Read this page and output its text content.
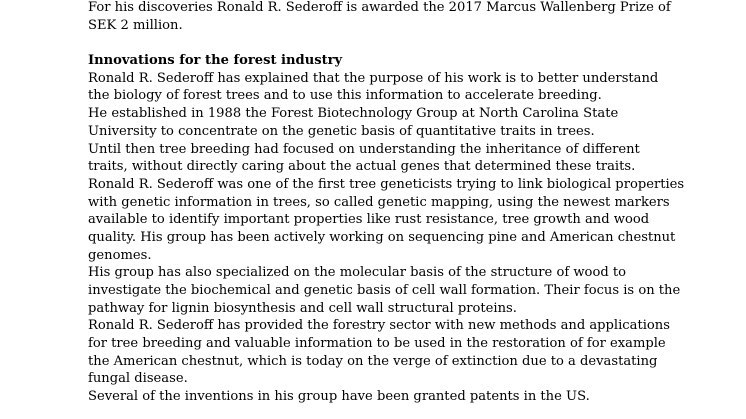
For his discoveries Ronald R. Sederoff is awarded the 2017 Marcus Wallenberg Prize of
SEK 2 million.
Innovations for the forest industry
Ronald R. Sederoff has explained that the purpose of his work is to better understand
the biology of forest trees and to use this information to accelerate breeding.
He established in 1988 the Forest Biotechnology Group at North Carolina State
University to concentrate on the genetic basis of quantitative traits in trees.
Until then tree breeding had focused on understanding the inheritance of different
traits, without directly caring about the actual genes that determined these traits.
Ronald R. Sederoff was one of the first tree geneticists trying to link biological properties
with genetic information in trees, so called genetic mapping, using the newest markers
available to identify important properties like rust resistance, tree growth and wood
quality. His group has been actively working on sequencing pine and American chestnut
genomes.
His group has also specialized on the molecular basis of the structure of wood to
investigate the biochemical and genetic basis of cell wall formation. Their focus is on the
pathway for lignin biosynthesis and cell wall structural proteins.
Ronald R. Sederoff has provided the forestry sector with new methods and applications
for tree breeding and valuable information to be used in the restoration of for example
the American chestnut, which is today on the verge of extinction due to a devastating
fungal disease.
Several of the inventions in his group have been granted patents in the US.
